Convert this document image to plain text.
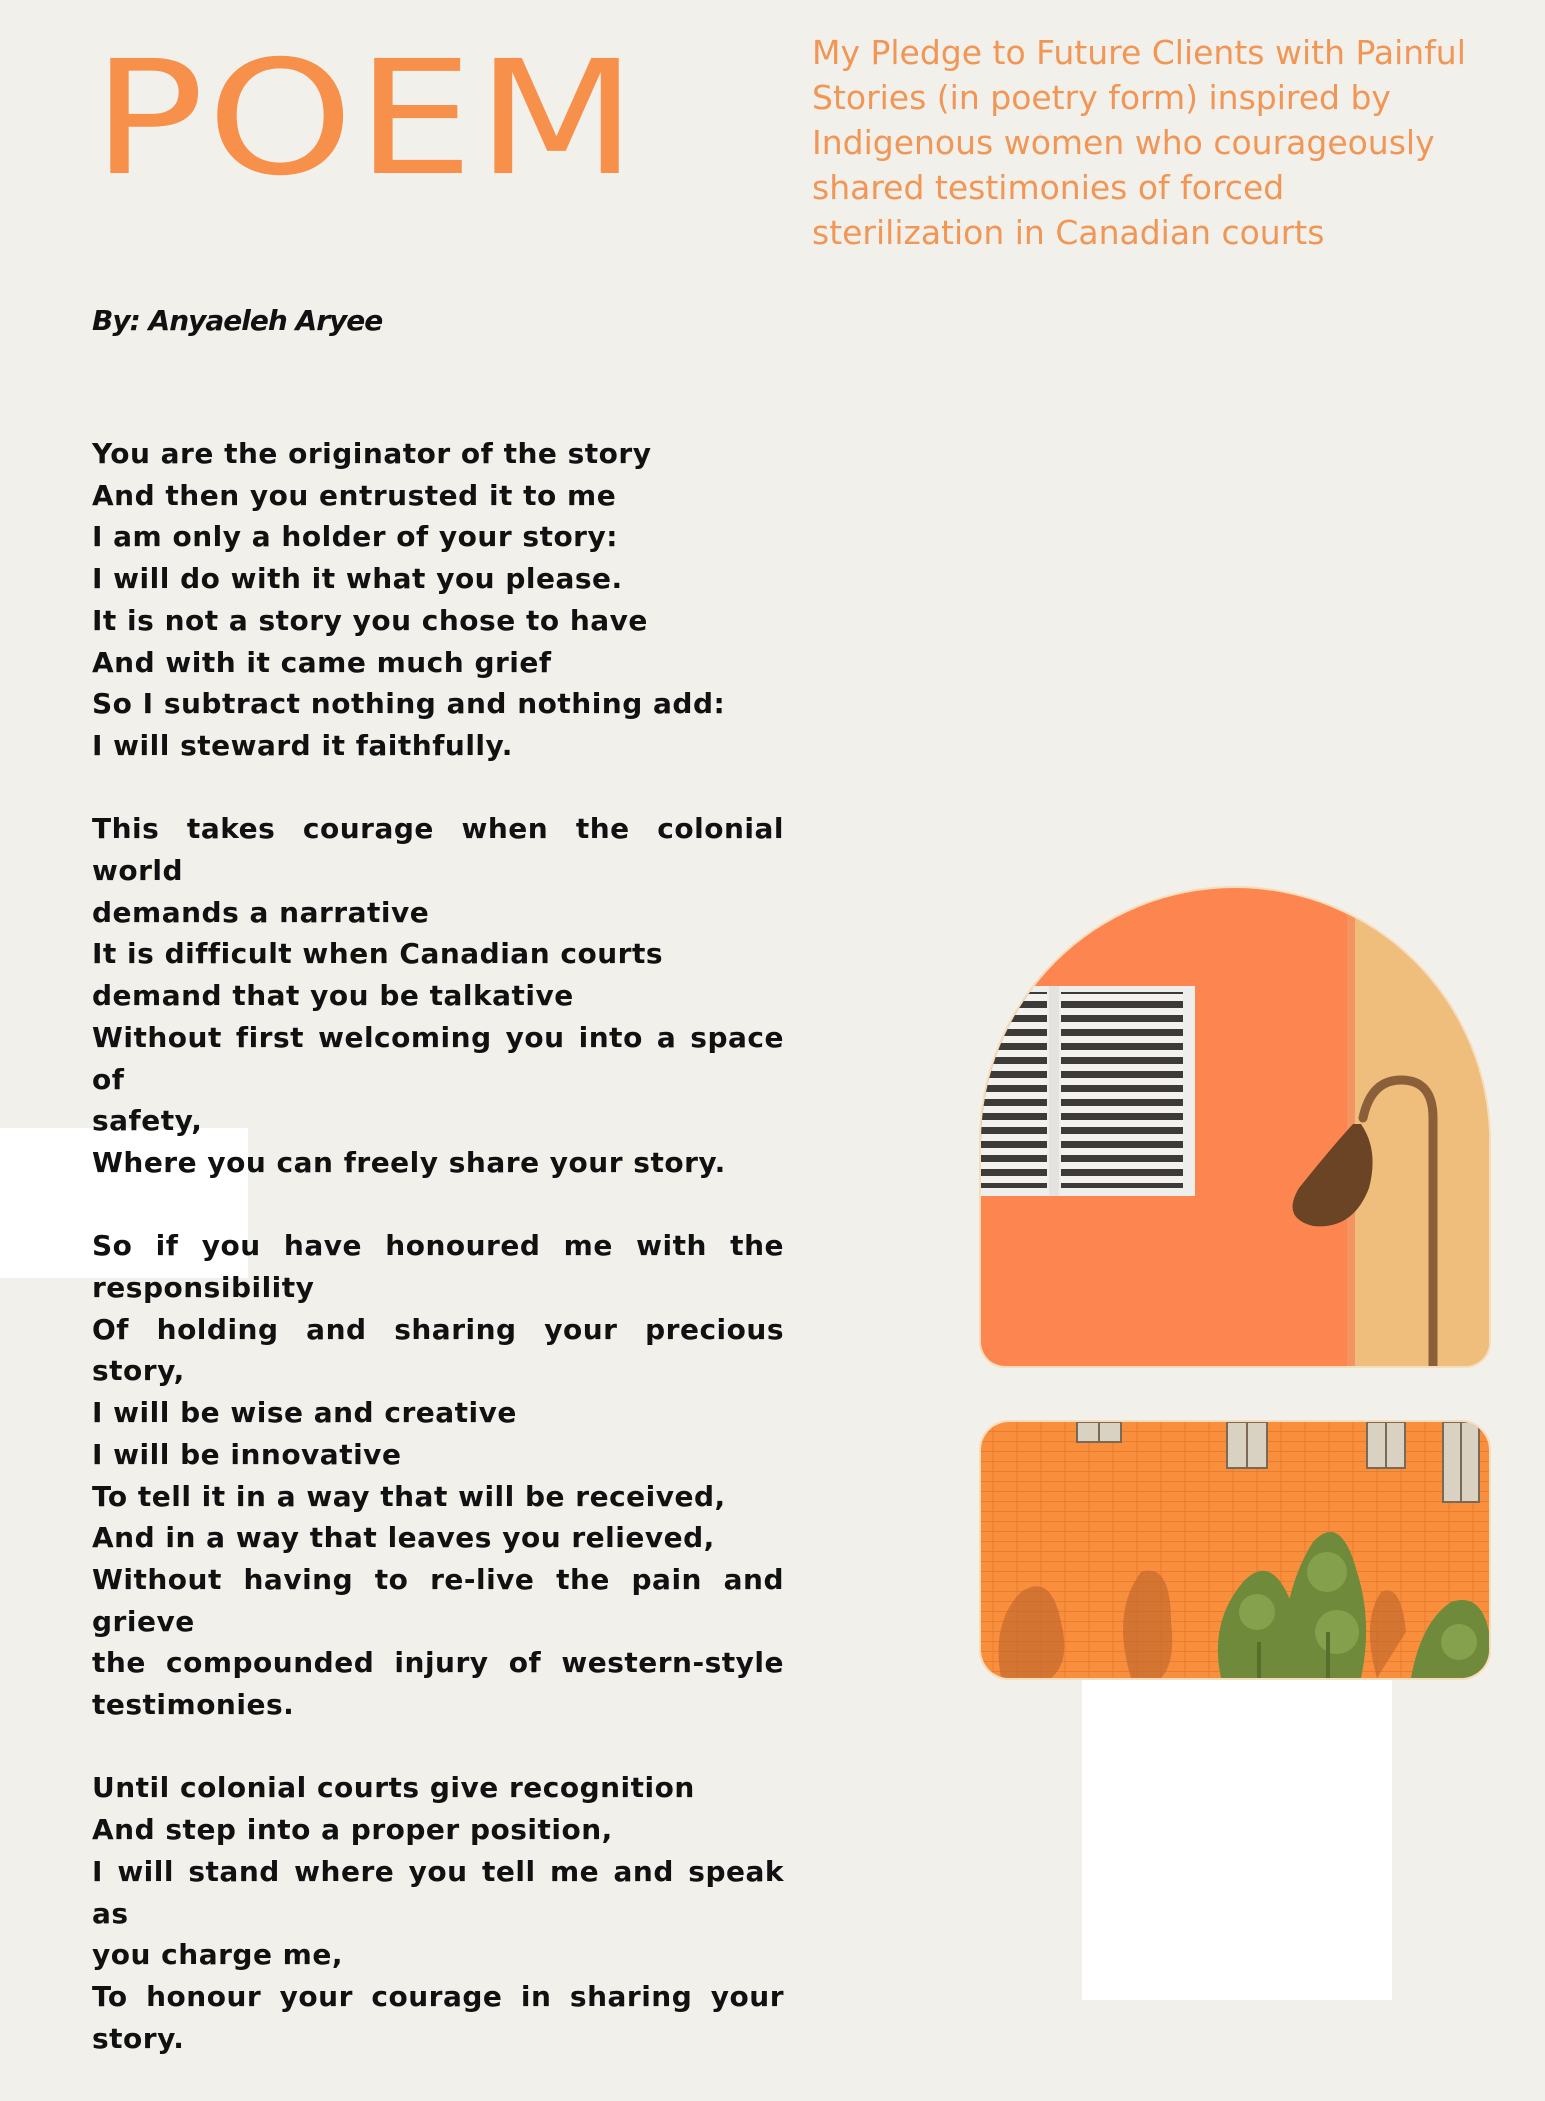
POEM	My Pledge to Future Clients with Painful
Stories (in poetry form) inspired by
Indigenous women who courageously
shared testimonies of forced
sterilization in Canadian courts

By: Anyaeleh Aryee

You are the originator of the story
And then you entrusted it to me
I am only a holder of your story:
I will do with it what you please.
It is not a story you chose to have
And with it came much grief
So I subtract nothing and nothing add:
I will steward it faithfully.
This takes courage when the colonial world
demands a narrative
It is difficult when Canadian courts
demand that you be talkative
Without first welcoming you into a space of
safety,
Where you can freely share your story.
So if you have honoured me with the
responsibility
Of holding and sharing your precious story,
I will be wise and creative
I will be innovative
To tell it in a way that will be received,
And in a way that leaves you relieved,
Without having to re-live the pain and grieve
the compounded injury of western-style
testimonies.
Until colonial courts give recognition
And step into a proper position,
I will stand where you tell me and speak as
you charge me,
To honour your courage in sharing your
story.
